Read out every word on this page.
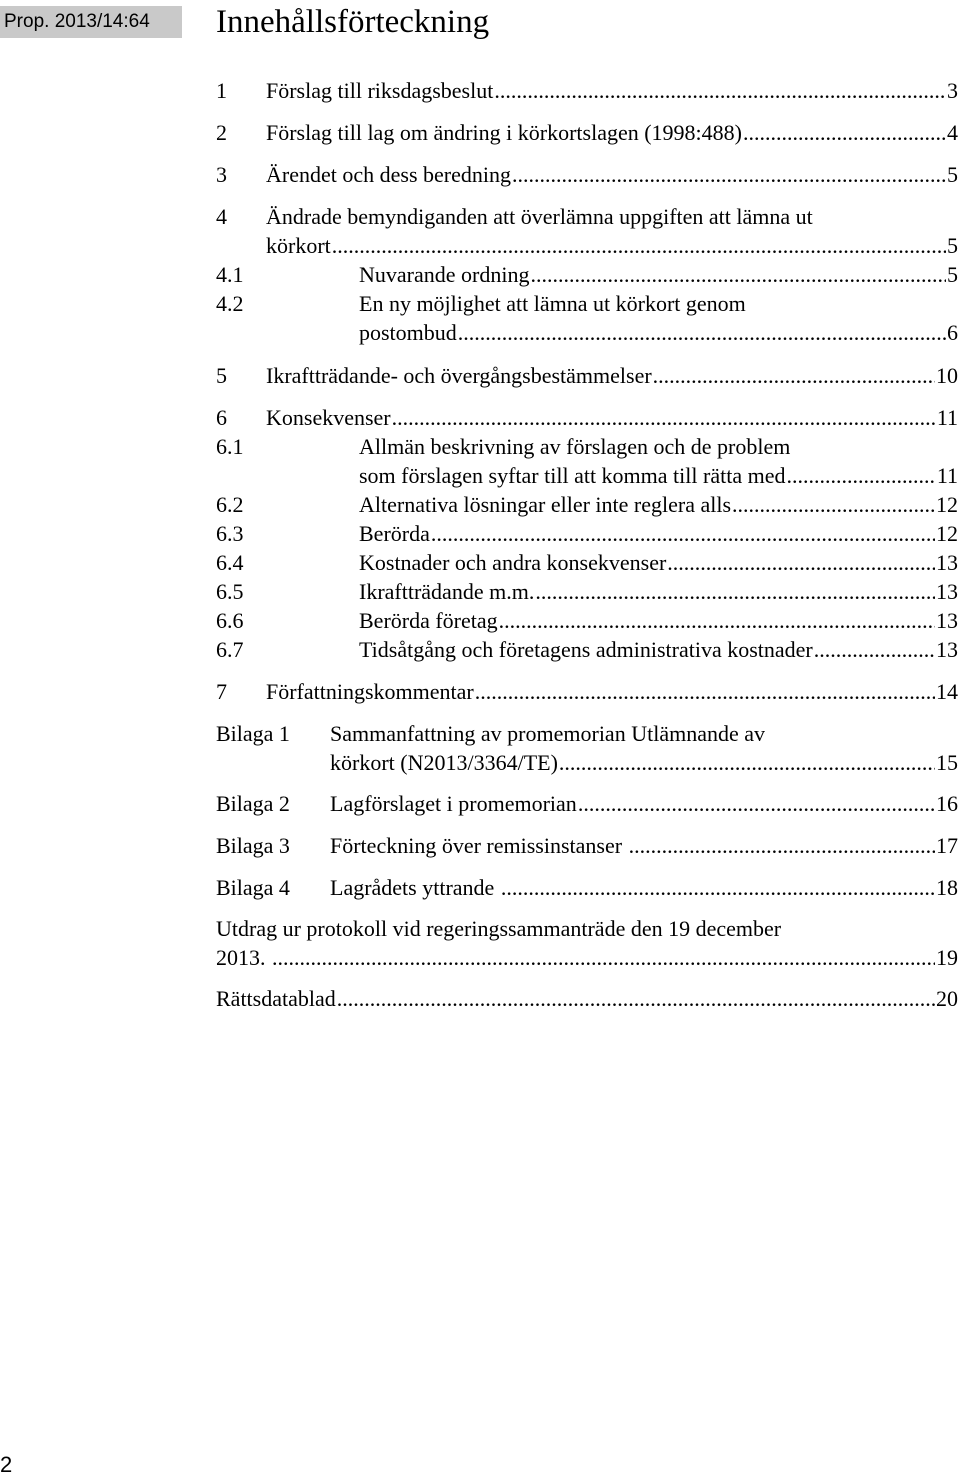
Prop. 2013/14:64	Innehållsförteckning
1 Förslag till riksdagsbeslut .....	3
2 Förslag till lag om ändring i körkortslagen (1998:488) .....	4
3 Ärendet och dess beredning .....	5
4 Ändrade bemyndiganden att överlämna uppgiften att lämna ut
körkort .....	5
4.1	Nuvarande ordning .....	5
4.2	En ny möjlighet att lämna ut körkort genom
postombud .....	6
5 Ikraftträdande- och övergångsbestämmelser .....	10
6 Konsekvenser .....	11
6.1	Allmän beskrivning av förslagen och de problem
som förslagen syftar till att komma till rätta med .....	11
6.2	Alternativa lösningar eller inte reglera alls .....	12
6.3	Berörda .....	12
6.4	Kostnader och andra konsekvenser .....	13
6.5	Ikraftträdande m.m. .....	13
6.6	Berörda företag .....	13
6.7	Tidsåtgång och företagens administrativa kostnader .....	13
7 Författningskommentar .....	14
Bilaga 1 Sammanfattning av promemorian Utlämnande av
körkort (N2013/3364/TE) .....	15
Bilaga 2 Lagförslaget i promemorian .....	16
Bilaga 3 Förteckning över remissinstanser .....	17
Bilaga 4 Lagrådets yttrande .....	18
Utdrag ur protokoll vid regeringssammanträde den 19 december
2013. .....	19
Rättsdatablad .....	20
2
